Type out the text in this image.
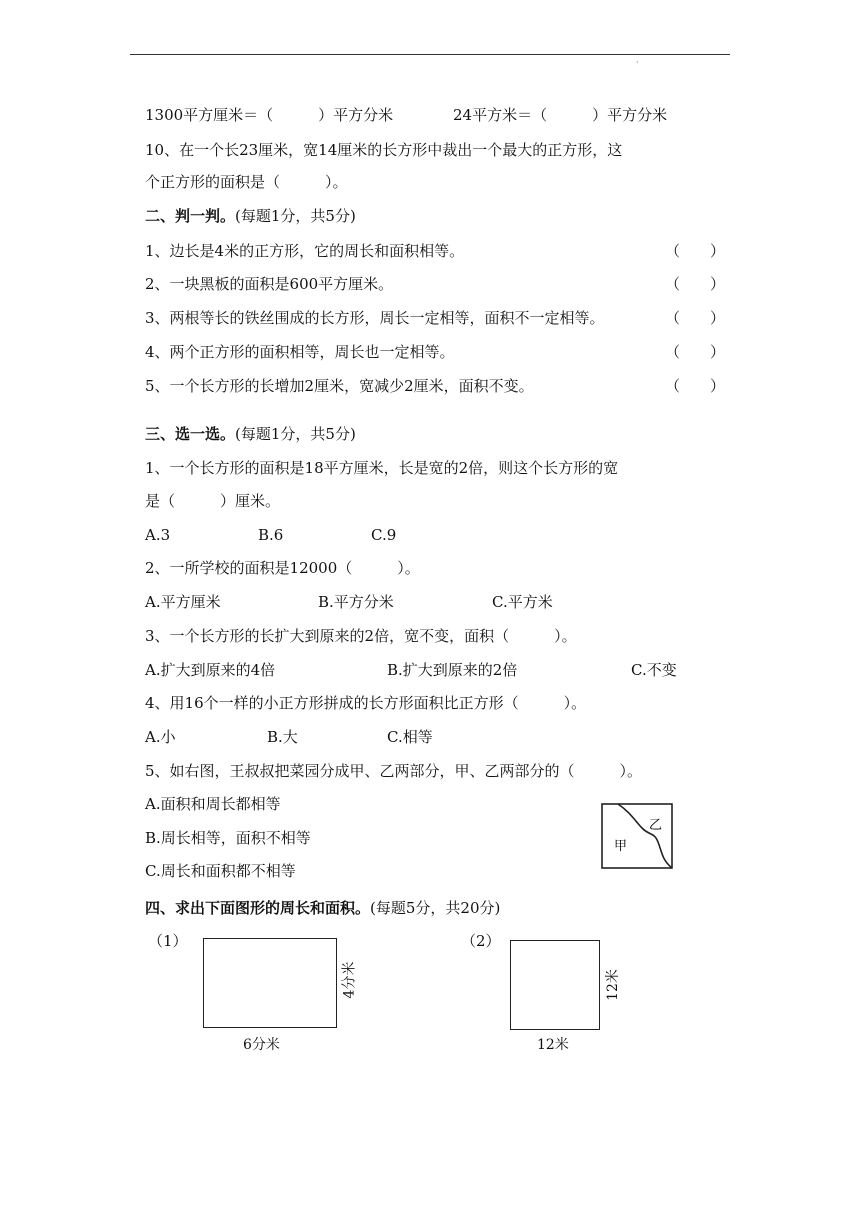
·
1300平方厘米＝（　　　）平方分米	24平方米＝（　　　）平方分米
10、在一个长23厘米，宽14厘米的长方形中裁出一个最大的正方形，这
个正方形的面积是（　　　）。
二、判一判。(每题1分，共5分)
1、边长是4米的正方形，它的周长和面积相等。	（　　）
2、一块黑板的面积是600平方厘米。	（　　）
3、两根等长的铁丝围成的长方形，周长一定相等，面积不一定相等。	（　　）
4、两个正方形的面积相等，周长也一定相等。	（　　）
5、一个长方形的长增加2厘米，宽减少2厘米，面积不变。	（　　）
三、选一选。(每题1分，共5分)
1、一个长方形的面积是18平方厘米，长是宽的2倍，则这个长方形的宽
是（　　　）厘米。
A.3	B.6	C.9
2、一所学校的面积是12000（　　　）。
A.平方厘米	B.平方分米	C.平方米
3、一个长方形的长扩大到原来的2倍，宽不变，面积（　　　）。
A.扩大到原来的4倍	B.扩大到原来的2倍	C.不变
4、用16个一样的小正方形拼成的长方形面积比正方形（　　　）。
A.小	B.大	C.相等
5、如右图，王叔叔把菜园分成甲、乙两部分，甲、乙两部分的（　　　）。
A.面积和周长都相等
B.周长相等，面积不相等
C.周长和面积都不相等
甲
乙
四、求出下面图形的周长和面积。(每题5分，共20分)
（1）
4分米
6分米
（2）
12米
12米
